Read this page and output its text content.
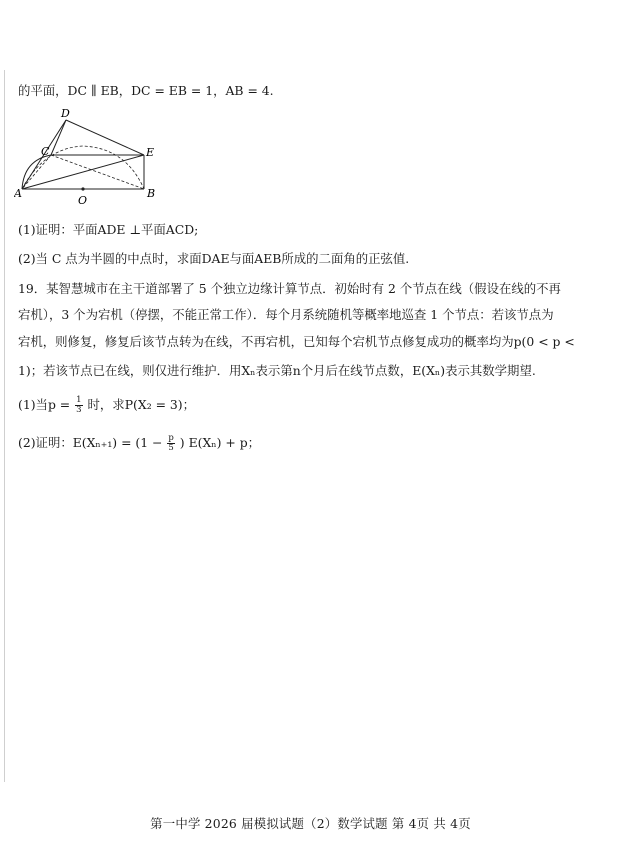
的平面，DC ∥ EB，DC = EB = 1，AB = 4.
D
C	E
A	B
O
(1)证明：平面ADE ⊥平面ACD;
(2)当 C 点为半圆的中点时，求面DAE与面AEB所成的二面角的正弦值.
19．某智慧城市在主干道部署了 5 个独立边缘计算节点．初始时有 2 个节点在线（假设在线的不再
宕机），3 个为宕机（停摆，不能正常工作）．每个月系统随机等概率地巡查 1 个节点：若该节点为
宕机，则修复，修复后该节点转为在线，不再宕机，已知每个宕机节点修复成功的概率均为p(0 < p <
1)；若该节点已在线，则仅进行维护．用Xₙ表示第n个月后在线节点数，E(Xₙ)表示其数学期望.
(1)当$p = \frac{1}{3}$ 时，求P(X₂ = 3)；
(2)证明：$E(X_{n+1}) = (1 - \frac{p}{5}$ ) E(Xₙ) + p；
第一中学 2026 届模拟试题（2）数学试题 第 4页 共 4页
